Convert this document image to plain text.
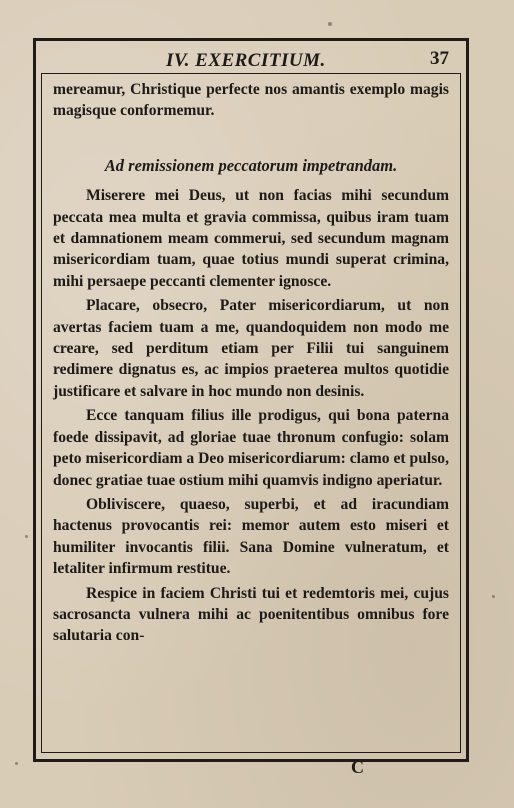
IV. EXERCITIUM.	37

mereamur, Christique perfecte nos amantis exemplo magis magisque conformemur.

Ad remissionem peccatorum impetrandam.

Miserere mei Deus, ut non facias mihi secundum peccata mea multa et gravia commissa, quibus iram tuam et damnationem meam commerui, sed secundum magnam misericordiam tuam, quae totius mundi superat crimina, mihi persaepe peccanti clementer ignosce.

Placare, obsecro, Pater misericordiarum, ut non avertas faciem tuam a me, quandoquidem non modo me creare, sed perditum etiam per Filii tui sanguinem redimere dignatus es, ac impios praeterea multos quotidie justificare et salvare in hoc mundo non desinis.

Ecce tanquam filius ille prodigus, qui bona paterna foede dissipavit, ad gloriae tuae thronum confugio: solam peto misericordiam a Deo misericordiarum: clamo et pulso, donec gratiae tuae ostium mihi quamvis indigno aperiatur.

Obliviscere, quaeso, superbi, et ad iracundiam hactenus provocantis rei: memor autem esto miseri et humiliter invocantis filii. Sana Domine vulneratum, et letaliter infirmum restitue.

Respice in faciem Christi tui et redemtoris mei, cujus sacrosancta vulnera mihi ac poenitentibus omnibus fore salutaria con-

C
